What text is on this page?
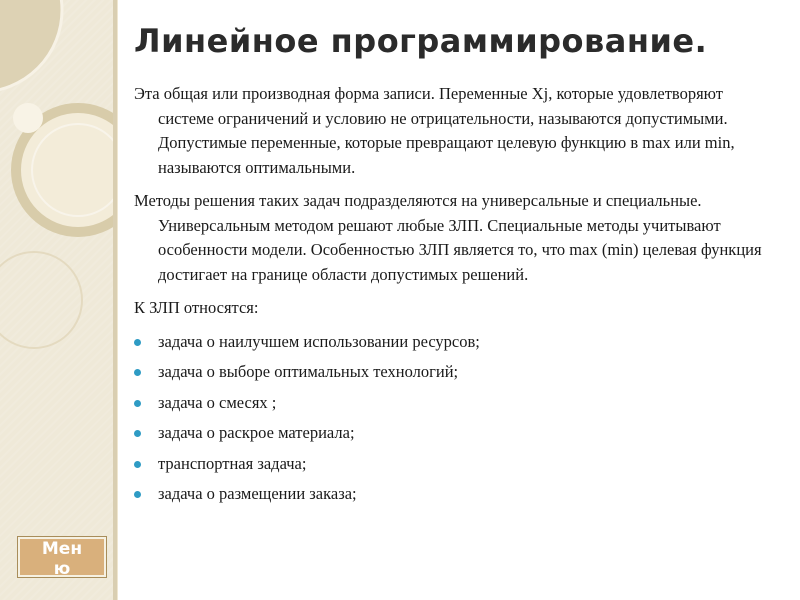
Линейное программирование.

Эта общая или производная форма записи. Переменные Xj, которые удовлетворяют системе ограничений и условию не отрицательности, называются допустимыми. Допустимые переменные, которые превращают целевую функцию в max или min, называются оптимальными.

Методы решения таких задач подразделяются на универсальные и специальные. Универсальным методом решают любые ЗЛП. Специальные методы учитывают особенности модели. Особенностью ЗЛП является то, что max (min) целевая функция достигает на границе области допустимых решений.

К ЗЛП относятся:

задача о наилучшем использовании ресурсов;
задача о выборе оптимальных технологий;
задача о смесях ;
задача о раскрое материала;
транспортная задача;
задача о размещении заказа;
Меню
